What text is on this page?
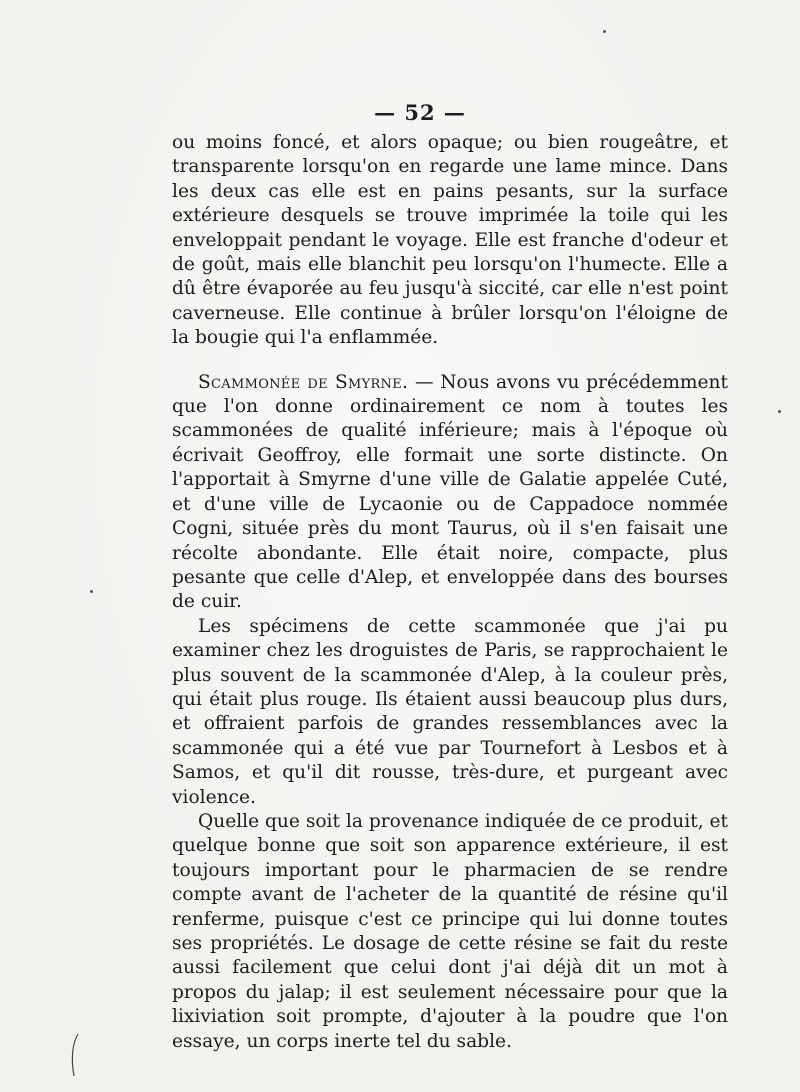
— 52 —

ou moins foncé, et alors opaque; ou bien rougeâtre, et transparente lorsqu'on en regarde une lame mince. Dans les deux cas elle est en pains pesants, sur la surface extérieure desquels se trouve imprimée la toile qui les enveloppait pendant le voyage. Elle est franche d'odeur et de goût, mais elle blanchit peu lorsqu'on l'humecte. Elle a dû être évaporée au feu jusqu'à siccité, car elle n'est point caverneuse. Elle continue à brûler lorsqu'on l'éloigne de la bougie qui l'a enflammée.

Scammonée de Smyrne. — Nous avons vu précédemment que l'on donne ordinairement ce nom à toutes les scammonées de qualité inférieure; mais à l'époque où écrivait Geoffroy, elle formait une sorte distincte. On l'apportait à Smyrne d'une ville de Galatie appelée Cuté, et d'une ville de Lycaonie ou de Cappadoce nommée Cogni, située près du mont Taurus, où il s'en faisait une récolte abondante. Elle était noire, compacte, plus pesante que celle d'Alep, et enveloppée dans des bourses de cuir.

Les spécimens de cette scammonée que j'ai pu examiner chez les droguistes de Paris, se rapprochaient le plus souvent de la scammonée d'Alep, à la couleur près, qui était plus rouge. Ils étaient aussi beaucoup plus durs, et offraient parfois de grandes ressemblances avec la scammonée qui a été vue par Tournefort à Lesbos et à Samos, et qu'il dit rousse, très-dure, et purgeant avec violence.

Quelle que soit la provenance indiquée de ce produit, et quelque bonne que soit son apparence extérieure, il est toujours important pour le pharmacien de se rendre compte avant de l'acheter de la quantité de résine qu'il renferme, puisque c'est ce principe qui lui donne toutes ses propriétés. Le dosage de cette résine se fait du reste aussi facilement que celui dont j'ai déjà dit un mot à propos du jalap; il est seulement nécessaire pour que la lixiviation soit prompte, d'ajouter à la poudre que l'on essaye, un corps inerte tel du sable.
